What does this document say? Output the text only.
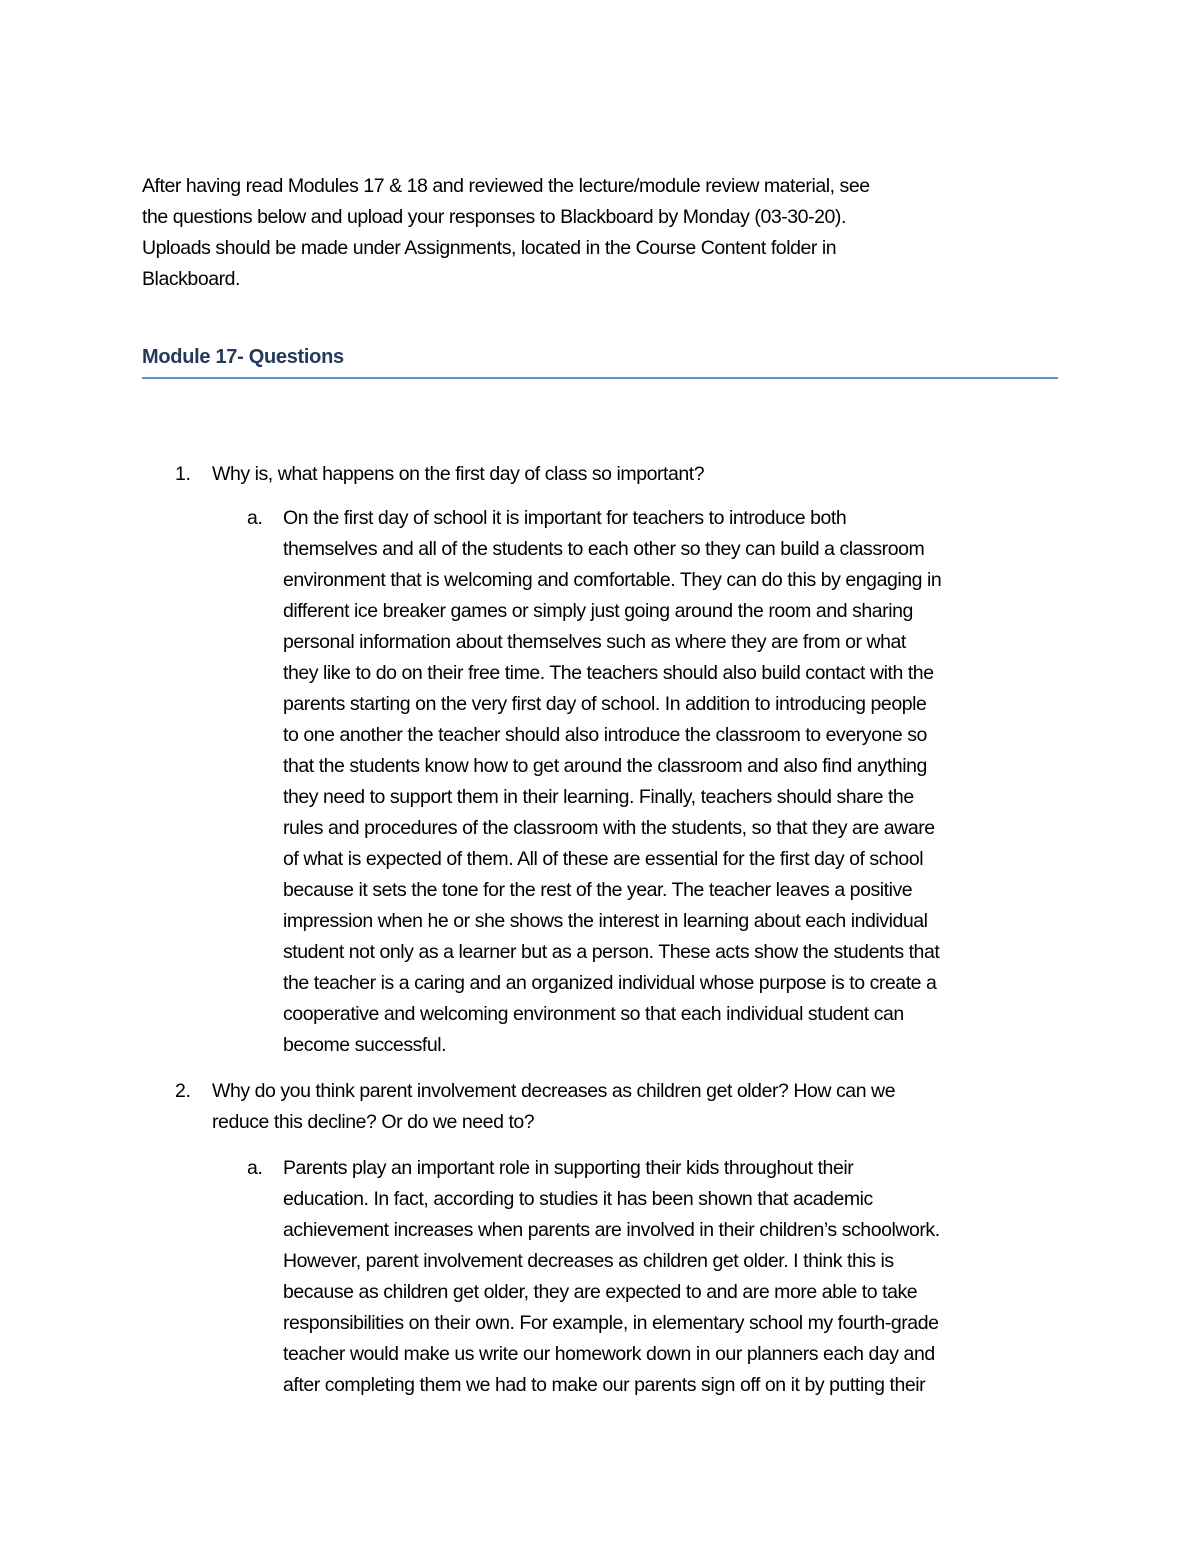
After having read Modules 17 & 18 and reviewed the lecture/module review material, see
the questions below and upload your responses to Blackboard by Monday (03-30-20).
Uploads should be made under Assignments, located in the Course Content folder in
Blackboard.
Module 17- Questions
1. Why is, what happens on the first day of class so important?
a. On the first day of school it is important for teachers to introduce both
themselves and all of the students to each other so they can build a classroom
environment that is welcoming and comfortable. They can do this by engaging in
different ice breaker games or simply just going around the room and sharing
personal information about themselves such as where they are from or what
they like to do on their free time. The teachers should also build contact with the
parents starting on the very first day of school. In addition to introducing people
to one another the teacher should also introduce the classroom to everyone so
that the students know how to get around the classroom and also find anything
they need to support them in their learning. Finally, teachers should share the
rules and procedures of the classroom with the students, so that they are aware
of what is expected of them. All of these are essential for the first day of school
because it sets the tone for the rest of the year. The teacher leaves a positive
impression when he or she shows the interest in learning about each individual
student not only as a learner but as a person. These acts show the students that
the teacher is a caring and an organized individual whose purpose is to create a
cooperative and welcoming environment so that each individual student can
become successful.
2. Why do you think parent involvement decreases as children get older? How can we
reduce this decline? Or do we need to?
a. Parents play an important role in supporting their kids throughout their
education. In fact, according to studies it has been shown that academic
achievement increases when parents are involved in their children’s schoolwork.
However, parent involvement decreases as children get older. I think this is
because as children get older, they are expected to and are more able to take
responsibilities on their own. For example, in elementary school my fourth-grade
teacher would make us write our homework down in our planners each day and
after completing them we had to make our parents sign off on it by putting their
